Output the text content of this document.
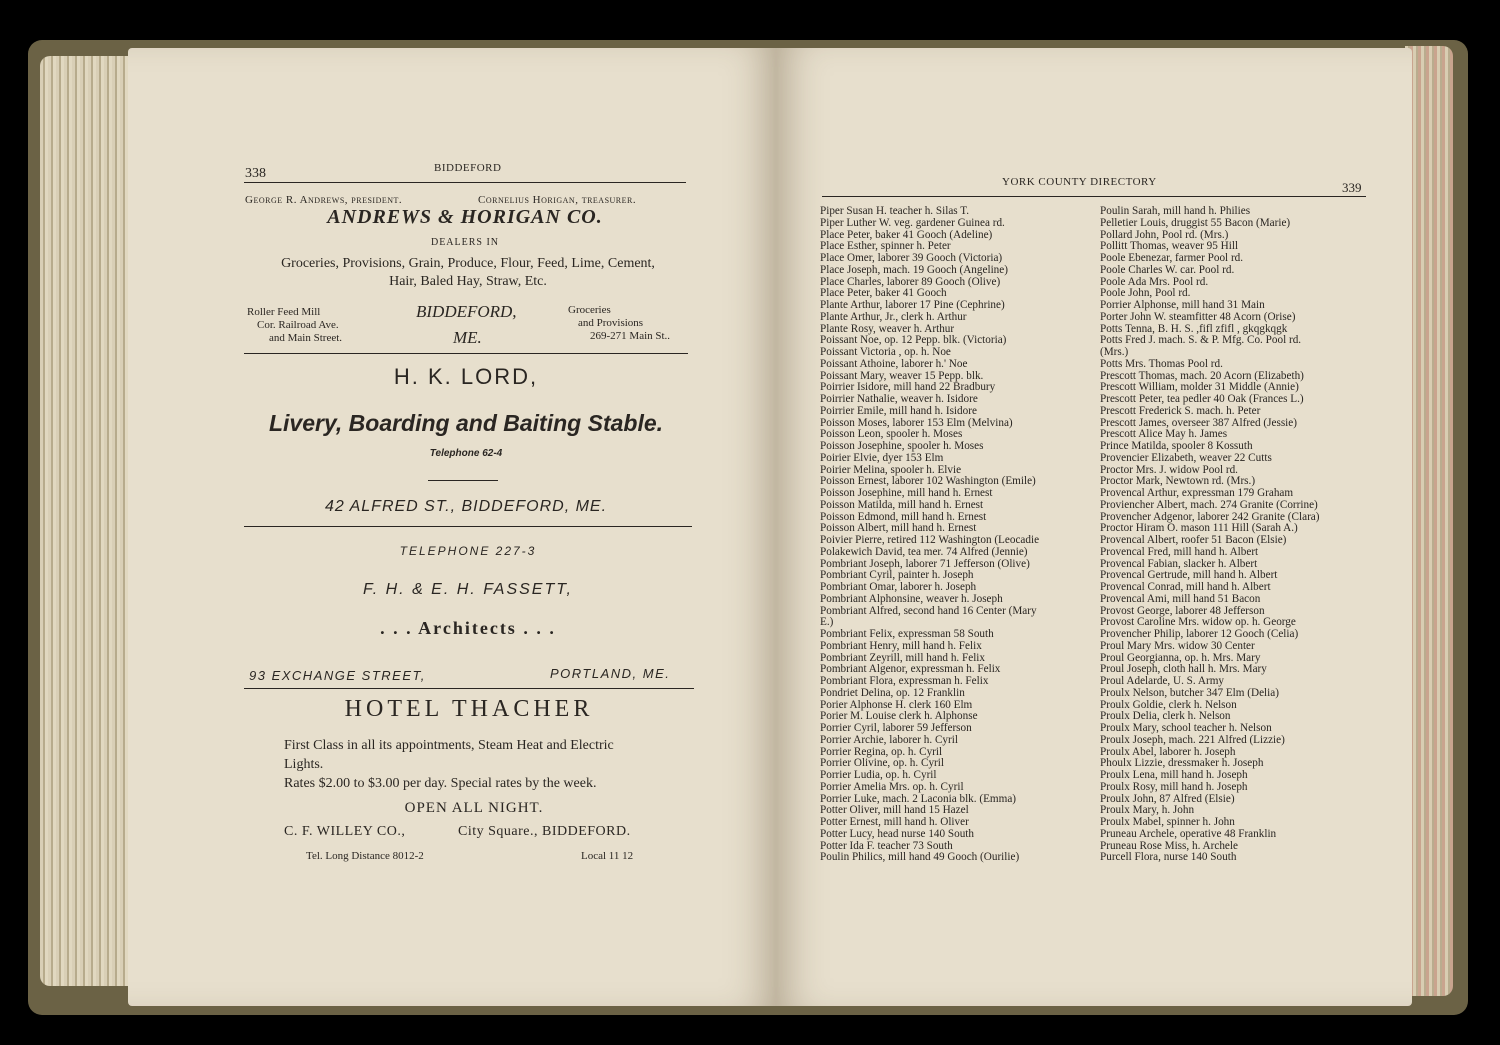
338	BIDDEFORD
George R. Andrews, president.	Cornelius Horigan, treasurer.
ANDREWS & HORIGAN CO.
DEALERS IN
Groceries, Provisions, Grain, Produce, Flour, Feed, Lime, Cement,
Hair, Baled Hay, Straw, Etc.
Roller Feed Mill
Cor. Railroad Ave.
and Main Street.
BIDDEFORD,
ME.
Groceries
and Provisions
269-271 Main St..
H. K. LORD,
Livery, Boarding and Baiting Stable.
Telephone 62-4
42 ALFRED ST., BIDDEFORD, ME.
TELEPHONE 227-3
F. H. & E. H. FASSETT,
. . . Architects . . .
93 EXCHANGE STREET,	PORTLAND, ME.
HOTEL THACHER
First Class in all its appointments, Steam Heat and Electric
Lights.
Rates $2.00 to $3.00 per day. Special rates by the week.
OPEN ALL NIGHT.
C. F. WILLEY CO.,	City Square., BIDDEFORD.
Tel. Long Distance 8012-2	Local 11 12
YORK COUNTY DIRECTORY	339
Piper Susan H. teacher h. Silas T.
Piper Luther W. veg. gardener Guinea rd.
Place Peter, baker 41 Gooch (Adeline)
Place Esther, spinner h. Peter
Place Omer, laborer 39 Gooch (Victoria)
Place Joseph, mach. 19 Gooch (Angeline)
Place Charles, laborer 89 Gooch (Olive)
Place Peter, baker 41 Gooch
Plante Arthur, laborer 17 Pine (Cephrine)
Plante Arthur, Jr., clerk h. Arthur
Plante Rosy, weaver h. Arthur
Poissant Noe, op. 12 Pepp. blk. (Victoria)
Poissant Victoria , op. h. Noe
Poissant Athoine, laborer h.' Noe
Poissant Mary, weaver 15 Pepp. blk.
Poirrier Isidore, mill hand 22 Bradbury
Poirrier Nathalie, weaver h. Isidore
Poirrier Emile, mill hand h. Isidore
Poisson Moses, laborer 153 Elm (Melvina)
Poisson Leon, spooler h. Moses
Poisson Josephine, spooler h. Moses
Poirier Elvie, dyer 153 Elm
Poirier Melina, spooler h. Elvie
Poisson Ernest, laborer 102 Washington (Emile)
Poisson Josephine, mill hand h. Ernest
Poisson Matilda, mill hand h. Ernest
Poisson Edmond, mill hand h. Ernest
Poisson Albert, mill hand h. Ernest
Poivier Pierre, retired 112 Washington (Leocadie
Polakewich David, tea mer. 74 Alfred (Jennie)
Pombriant Joseph, laborer 71 Jefferson (Olive)
Pombriant Cyril, painter h. Joseph
Pombriant Omar, laborer h. Joseph
Pombriant Alphonsine, weaver h. Joseph
Pombriant Alfred, second hand 16 Center (Mary
E.)
Pombriant Felix, expressman 58 South
Pombriant Henry, mill hand h. Felix
Pombriant Zeyrill, mill hand h. Felix
Pombriant Algenor, expressman h. Felix
Pombriant Flora, expressman h. Felix
Pondriet Delina, op. 12 Franklin
Porier Alphonse H. clerk 160 Elm
Porier M. Louise clerk h. Alphonse
Porrier Cyril, laborer 59 Jefferson
Porrier Archie, laborer h. Cyril
Porrier Regina, op. h. Cyril
Porrier Olivine, op. h. Cyril
Porrier Ludia, op. h. Cyril
Porrier Amelia Mrs. op. h. Cyril
Porrier Luke, mach. 2 Laconia blk. (Emma)
Potter Oliver, mill hand 15 Hazel
Potter Ernest, mill hand h. Oliver
Potter Lucy, head nurse 140 South
Potter Ida F. teacher 73 South
Poulin Philics, mill hand 49 Gooch (Ourilie)
Poulin Sarah, mill hand h. Philies
Pelletier Louis, druggist 55 Bacon (Marie)
Pollard John, Pool rd. (Mrs.)
Pollitt Thomas, weaver 95 Hill
Poole Ebenezar, farmer Pool rd.
Poole Charles W. car. Pool rd.
Poole Ada Mrs. Pool rd.
Poole John, Pool rd.
Porrier Alphonse, mill hand 31 Main
Porter John W. steamfitter 48 Acorn (Orise)
Potts Tenna, B. H. S. ,fifl zfifl , gkqgkqgk
Potts Fred J. mach. S. & P. Mfg. Co. Pool rd.
(Mrs.)
Potts Mrs. Thomas Pool rd.
Prescott Thomas, mach. 20 Acorn (Elizabeth)
Prescott William, molder 31 Middle (Annie)
Prescott Peter, tea pedler 40 Oak (Frances L.)
Prescott Frederick S. mach. h. Peter
Prescott James, overseer 387 Alfred (Jessie)
Prescott Alice May h. James
Prince Matilda, spooler 8 Kossuth
Provencier Elizabeth, weaver 22 Cutts
Proctor Mrs. J. widow Pool rd.
Proctor Mark, Newtown rd. (Mrs.)
Provencal Arthur, expressman 179 Graham
Proviencher Albert, mach. 274 Granite (Corrine)
Provencher Adgenor, laborer 242 Granite (Clara)
Proctor Hiram O. mason 111 Hill (Sarah A.)
Provencal Albert, roofer 51 Bacon (Elsie)
Provencal Fred, mill hand h. Albert
Provencal Fabian, slacker h. Albert
Provencal Gertrude, mill hand h. Albert
Provencal Conrad, mill hand h. Albert
Provencal Ami, mill hand 51 Bacon
Provost George, laborer 48 Jefferson
Provost Caroline Mrs. widow op. h. George
Provencher Philip, laborer 12 Gooch (Celia)
Proul Mary Mrs. widow 30 Center
Proul Georgianna, op. h. Mrs. Mary
Proul Joseph, cloth hall h. Mrs. Mary
Proul Adelarde, U. S. Army
Proulx Nelson, butcher 347 Elm (Delia)
Proulx Goldie, clerk h. Nelson
Proulx Delia, clerk h. Nelson
Proulx Mary, school teacher h. Nelson
Proulx Joseph, mach. 221 Alfred (Lizzie)
Proulx Abel, laborer h. Joseph
Phoulx Lizzie, dressmaker h. Joseph
Proulx Lena, mill hand h. Joseph
Proulx Rosy, mill hand h. Joseph
Proulx John, 87 Alfred (Elsie)
Proulx Mary, h. John
Proulx Mabel, spinner h. John
Pruneau Archele, operative 48 Franklin
Pruneau Rose Miss, h. Archele
Purcell Flora, nurse 140 South
